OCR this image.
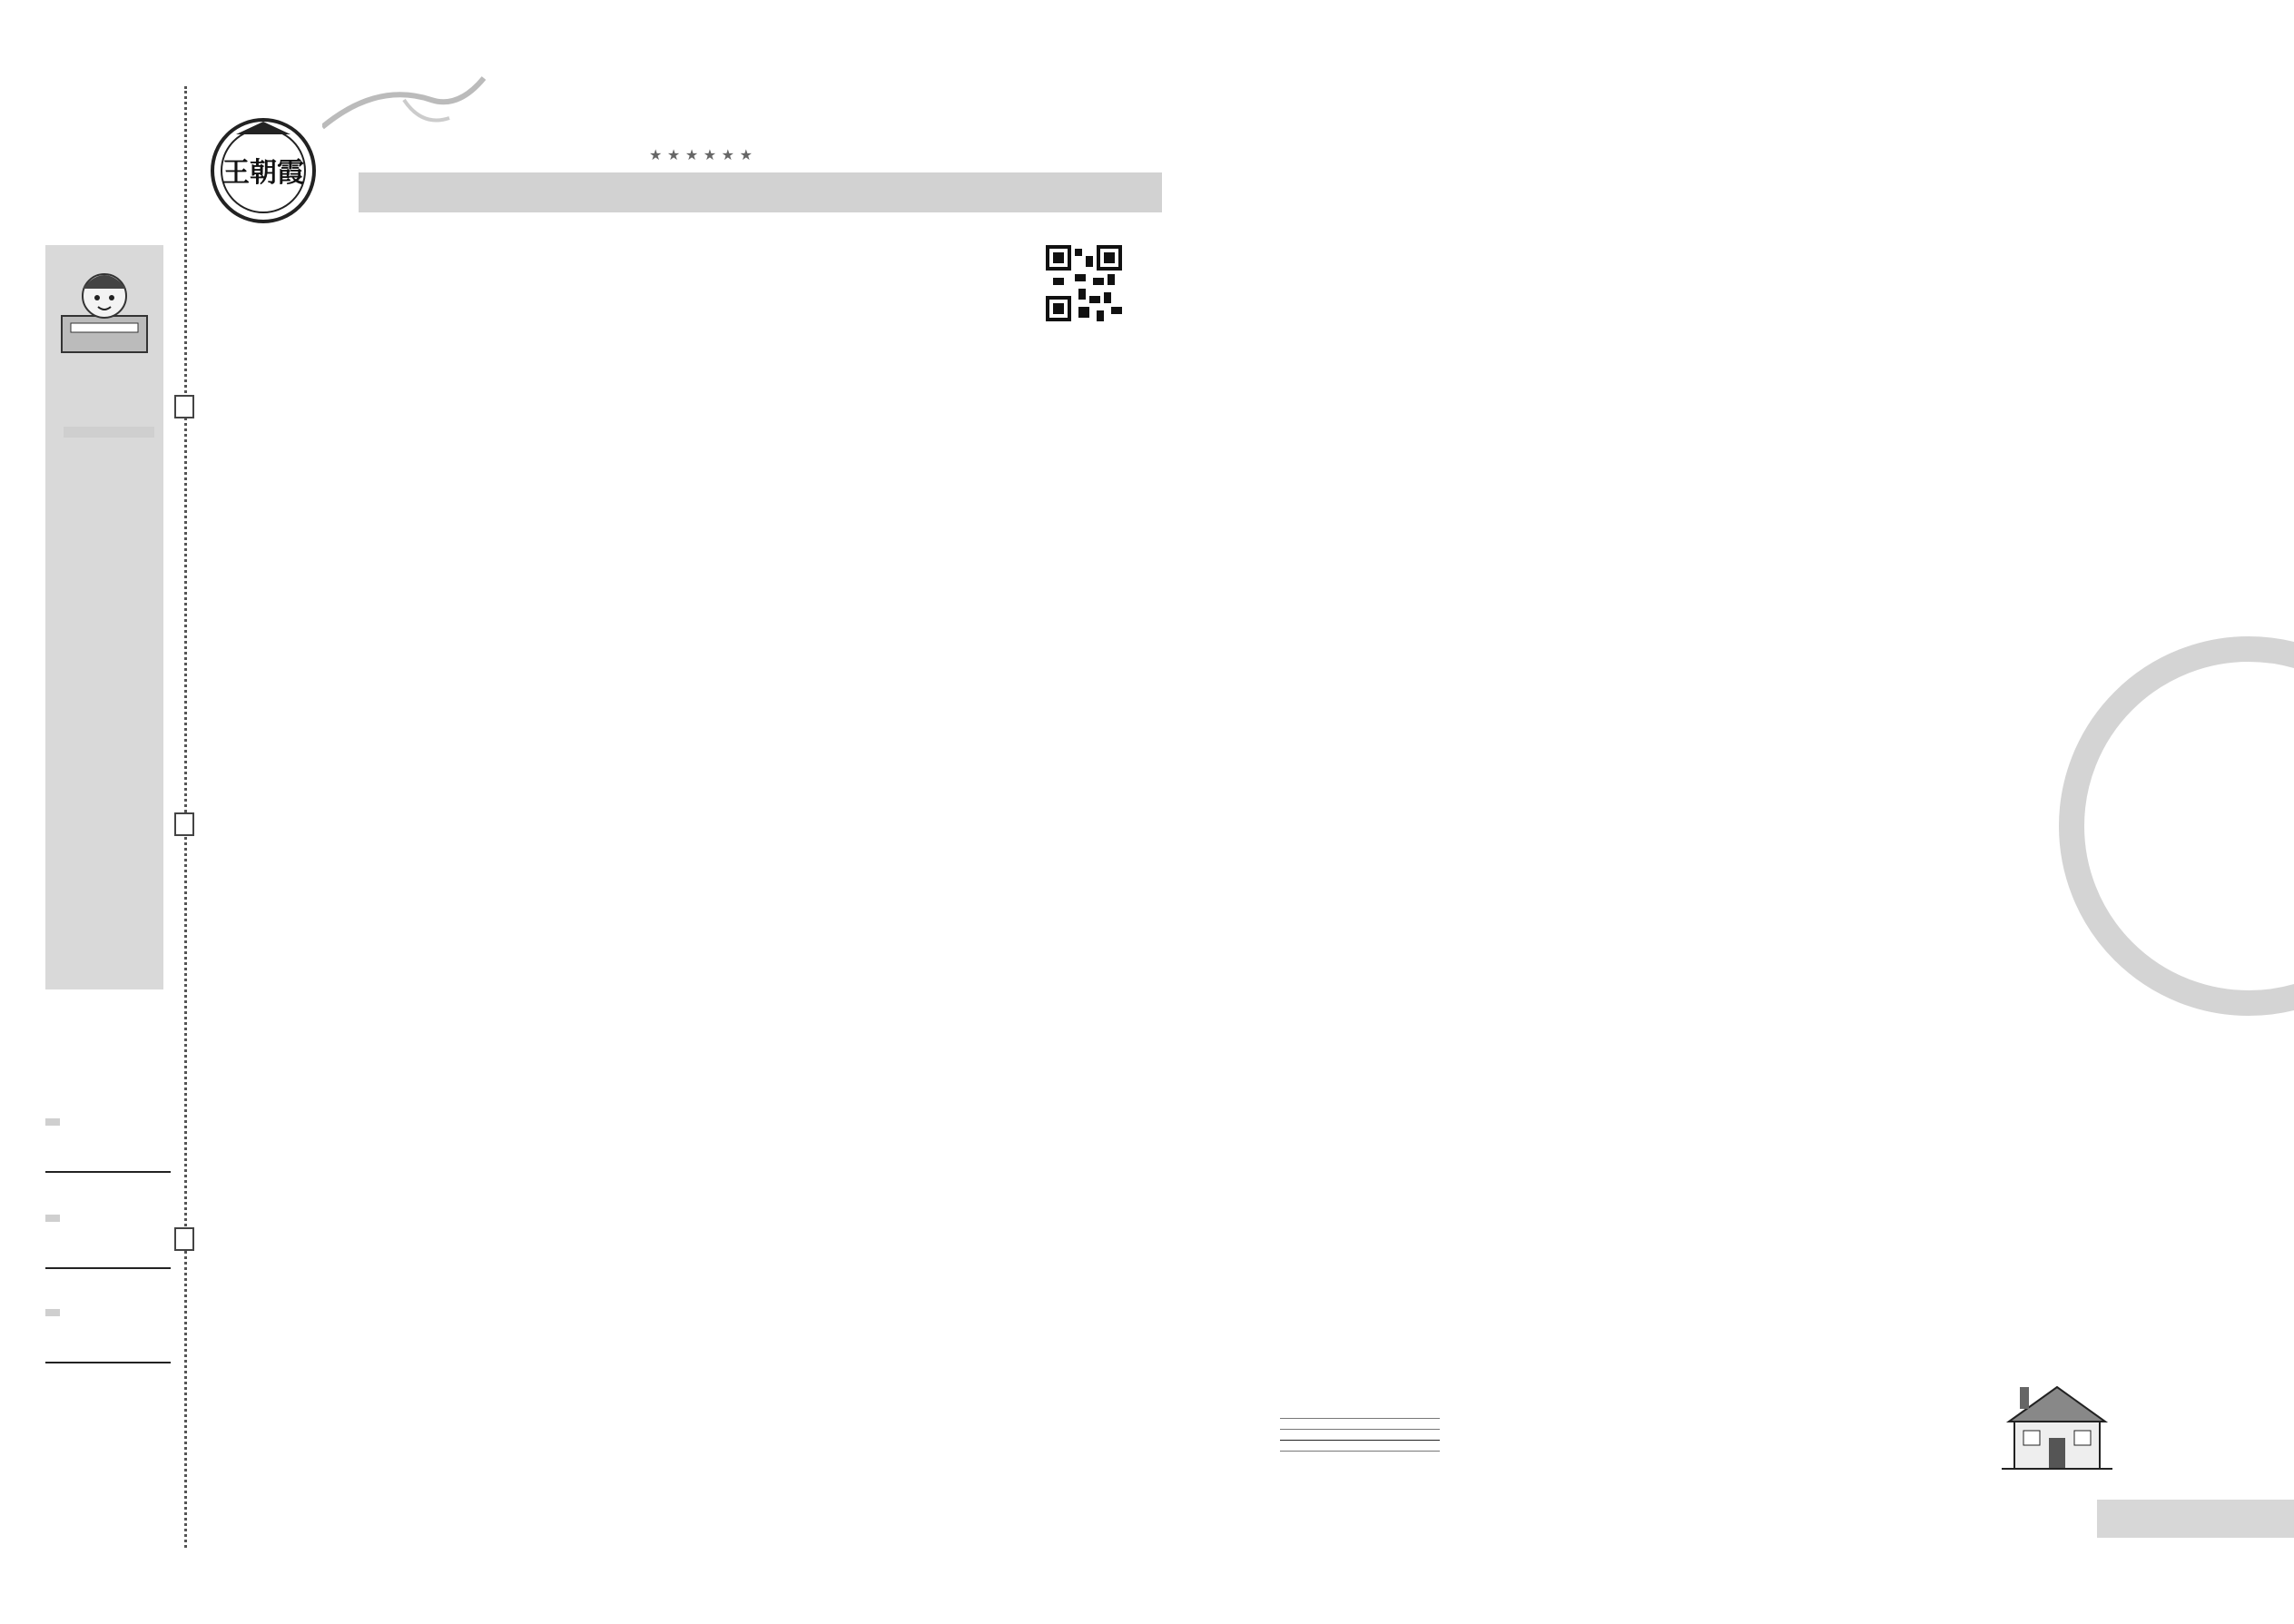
王朝霞
★ ★ ★ ★ ★ ★
